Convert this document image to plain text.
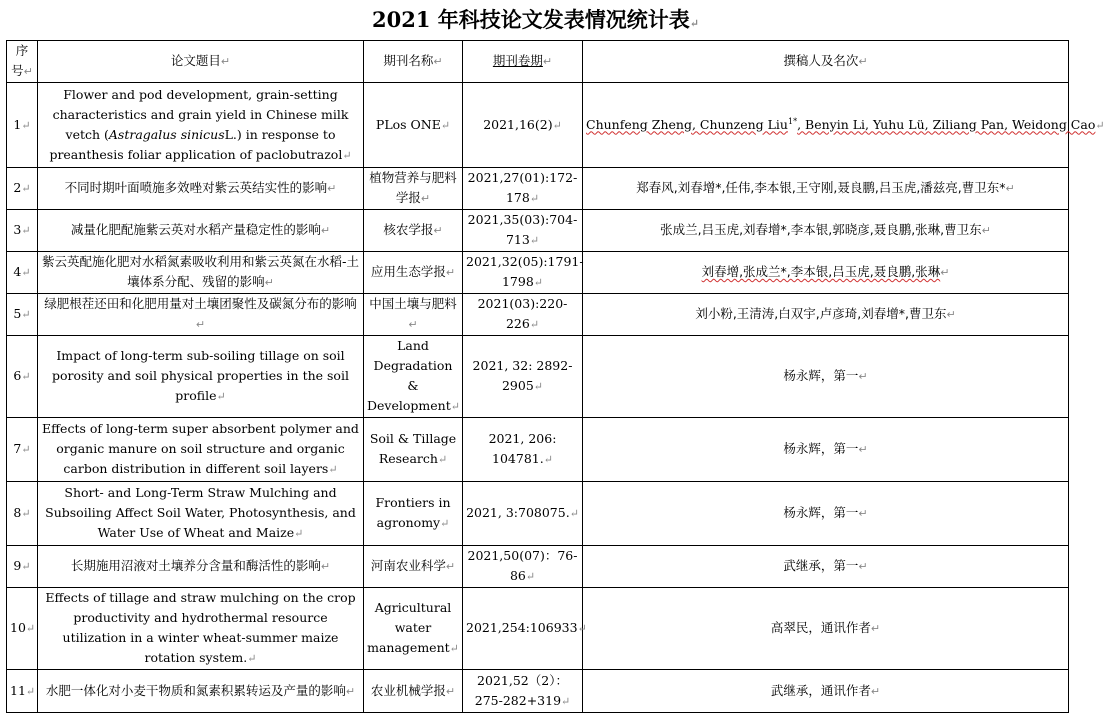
2021 年科技论文发表情况统计表↵
序号↵	论文题目↵	期刊名称↵	期刊卷期↵	撰稿人及名次↵
1↵	Flower and pod development, grain-setting characteristics and grain yield in Chinese milk vetch (Astragalus sinicusL.) in response to preanthesis foliar application of paclobutrazol↵	PLos ONE↵	2021,16(2)↵	Chunfeng Zheng, Chunzeng Liu$^{1*}$, Benyin Li, Yuhu Lü, Ziliang Pan, Weidong Cao↵
2↵	不同时期叶面喷施多效唑对紫云英结实性的影响↵	植物营养与肥料学报↵	2021,27(01):172-178↵	郑春风,刘春增*,任伟,李本银,王守刚,聂良鹏,吕玉虎,潘兹亮,曹卫东*↵
3↵	减量化肥配施紫云英对水稻产量稳定性的影响↵	核农学报↵	2021,35(03):704-713↵	张成兰,吕玉虎,刘春增*,李本银,郭晓彦,聂良鹏,张琳,曹卫东↵
4↵	紫云英配施化肥对水稻氮素吸收利用和紫云英氮在水稻-土壤体系分配、残留的影响↵	应用生态学报↵	2021,32(05):1791-1798↵	刘春增,张成兰*,李本银,吕玉虎,聂良鹏,张琳↵
5↵	绿肥根茬还田和化肥用量对土壤团聚性及碳氮分布的影响↵	中国土壤与肥料↵	2021(03):220-226↵	刘小粉,王清涛,白双宇,卢彦琦,刘春增*,曹卫东↵
6↵	Impact of long-term sub-soiling tillage on soil porosity and soil physical properties in the soil profile↵	Land Degradation & Development↵	2021, 32: 2892-2905↵	杨永辉，第一↵
7↵	Effects of long-term super absorbent polymer and organic manure on soil structure and organic carbon distribution in different soil layers↵	Soil & Tillage Research↵	2021, 206: 104781.↵	杨永辉，第一↵
8↵	Short- and Long-Term Straw Mulching and Subsoiling Affect Soil Water, Photosynthesis, and Water Use of Wheat and Maize↵	Frontiers in agronomy↵	2021, 3:708075.↵	杨永辉，第一↵
9↵	长期施用沼液对土壤养分含量和酶活性的影响↵	河南农业科学↵	2021,50(07)：76-86↵	武继承，第一↵
10↵	Effects of tillage and straw mulching on the crop productivity and hydrothermal resource utilization in a winter wheat-summer maize rotation system.↵	Agricultural water management↵	2021,254:106933↵	高翠民，通讯作者↵
11↵	水肥一体化对小麦干物质和氮素积累转运及产量的影响↵	农业机械学报↵	2021,52（2）：275-282+319↵	武继承，通讯作者↵
